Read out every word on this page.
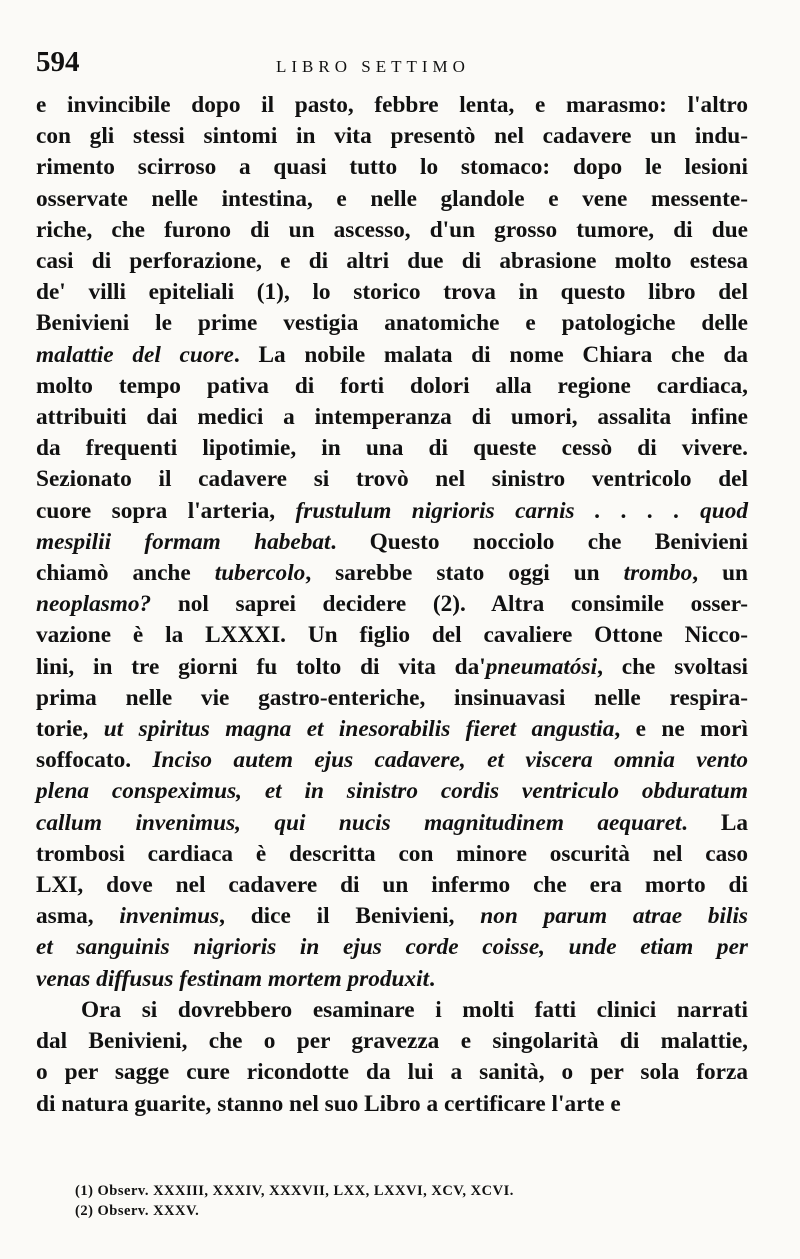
594	LIBRO SETTIMO
e invincibile dopo il pasto, febbre lenta, e marasmo: l'altro
con gli stessi sintomi in vita presentò nel cadavere un indu-
rimento scirroso a quasi tutto lo stomaco: dopo le lesioni
osservate nelle intestina, e nelle glandole e vene messente-
riche, che furono di un ascesso, d'un grosso tumore, di due
casi di perforazione, e di altri due di abrasione molto estesa
de' villi epiteliali (1), lo storico trova in questo libro del
Benivieni le prime vestigia anatomiche e patologiche delle
malattie del cuore. La nobile malata di nome Chiara che da
molto tempo pativa di forti dolori alla regione cardiaca,
attribuiti dai medici a intemperanza di umori, assalita infine
da frequenti lipotimie, in una di queste cessò di vivere.
Sezionato il cadavere si trovò nel sinistro ventricolo del
cuore sopra l'arteria, frustulum nigrioris carnis . . . . quod
mespilii formam habebat. Questo nocciolo che Benivieni
chiamò anche tubercolo, sarebbe stato oggi un trombo, un
neoplasmo? nol saprei decidere (2). Altra consimile osser-
vazione è la LXXXI. Un figlio del cavaliere Ottone Nicco-
lini, in tre giorni fu tolto di vita da'pneumatósi, che svoltasi
prima nelle vie gastro-enteriche, insinuavasi nelle respira-
torie, ut spiritus magna et inesorabilis fieret angustia, e ne morì
soffocato. Inciso autem ejus cadavere, et viscera omnia vento
plena conspeximus, et in sinistro cordis ventriculo obduratum
callum invenimus, qui nucis magnitudinem aequaret. La
trombosi cardiaca è descritta con minore oscurità nel caso
LXI, dove nel cadavere di un infermo che era morto di
asma, invenimus, dice il Benivieni, non parum atrae bilis
et sanguinis nigrioris in ejus corde coisse, unde etiam per
venas diffusus festinam mortem produxit.
Ora si dovrebbero esaminare i molti fatti clinici narrati
dal Benivieni, che o per gravezza e singolarità di malattie,
o per sagge cure ricondotte da lui a sanità, o per sola forza
di natura guarite, stanno nel suo Libro a certificare l'arte e
(1) Observ. XXXIII, XXXIV, XXXVII, LXX, LXXVI, XCV, XCVI.
(2) Observ. XXXV.
